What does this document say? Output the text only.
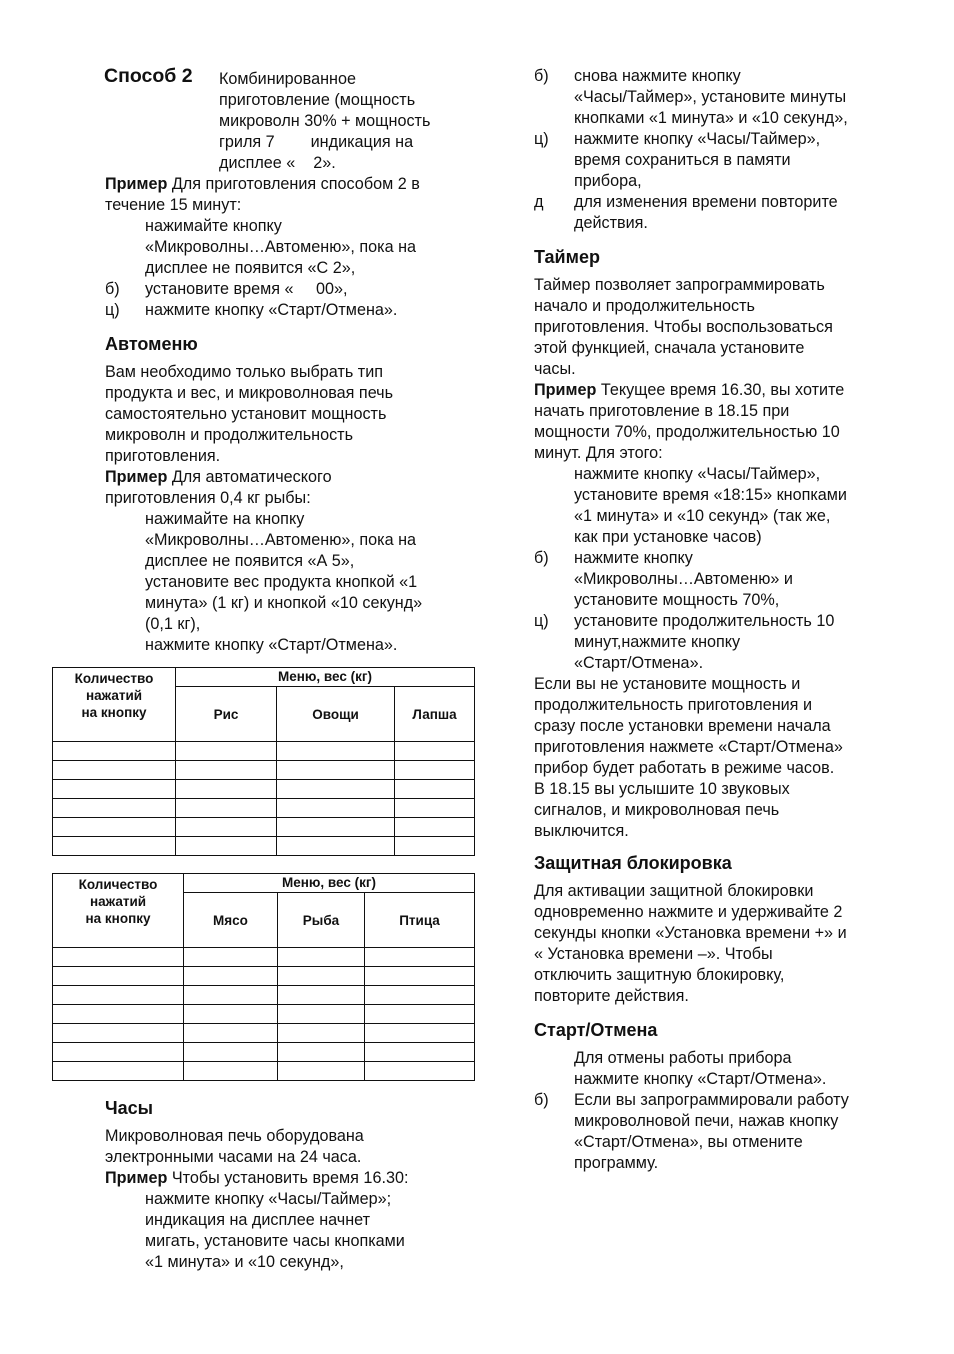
Способ 2 Комбинированное
приготовление (мощность
микроволн 30% + мощность
гриля 7        индикация на
дисплее «    2».
Пример Для приготовления способом 2 в
течение 15 минут:
нажимайте кнопку
«Микроволны…Автоменю», пока на
дисплее не появится «С 2»,
б) установите время «     00»,
ц) нажмите кнопку «Старт/Отмена».
Автоменю
Вам необходимо только выбрать тип
продукта и вес, и микроволновая печь
самостоятельно установит мощность
микроволн и продолжительность
приготовления.
Пример Для автоматического
приготовления 0,4 кг рыбы:
нажимайте на кнопку
«Микроволны…Автоменю», пока на
дисплее не появится «А 5»,
установите вес продукта кнопкой «1
минута» (1 кг) и кнопкой «10 секунд»
(0,1 кг),
нажмите кнопку «Старт/Отмена».
Количество
нажатий
на кнопку	Меню, вес (кг)		
	Рис	Овощи	Лапша

Количество
нажатий
на кнопку	Меню, вес (кг)		
	Мясо	Рыба	Птица

Часы
Микроволновая печь оборудована
электронными часами на 24 часа.
Пример Чтобы установить время 16.30:
нажмите кнопку «Часы/Таймер»;
индикация на дисплее начнет
мигать, установите часы кнопками
«1 минута» и «10 секунд»,
б) снова нажмите кнопку
«Часы/Таймер», установите минуты
кнопками «1 минута» и «10 секунд»,
ц) нажмите кнопку «Часы/Таймер»,
время сохраниться в памяти
прибора,
д для изменения времени повторите
действия.
Таймер
Таймер позволяет запрограммировать
начало и продолжительность
приготовления. Чтобы воспользоваться
этой функцией, сначала установите
часы.
Пример Текущее время 16.30, вы хотите
начать приготовление в 18.15 при
мощности 70%, продолжительностью 10
минут. Для этого:
нажмите кнопку «Часы/Таймер»,
установите время «18:15» кнопками
«1 минута» и «10 секунд» (так же,
как при установке часов)
б) нажмите кнопку
«Микроволны…Автоменю» и
установите мощность 70%,
ц) установите продолжительность 10
минут,нажмите кнопку
«Старт/Отмена».
Если вы не установите мощность и
продолжительность приготовления и
сразу после установки времени начала
приготовления нажмете «Старт/Отмена»
прибор будет работать в режиме часов.
В 18.15 вы услышите 10 звуковых
сигналов, и микроволновая печь
выключится.
Защитная блокировка
Для активации защитной блокировки
одновременно нажмите и удерживайте 2
секунды кнопки «Установка времени +» и
« Установка времени –». Чтобы
отключить защитную блокировку,
повторите действия.
Старт/Отмена
Для отмены работы прибора
нажмите кнопку «Старт/Отмена».
б) Если вы запрограммировали работу
микроволновой печи, нажав кнопку
«Старт/Отмена», вы отмените
программу.
